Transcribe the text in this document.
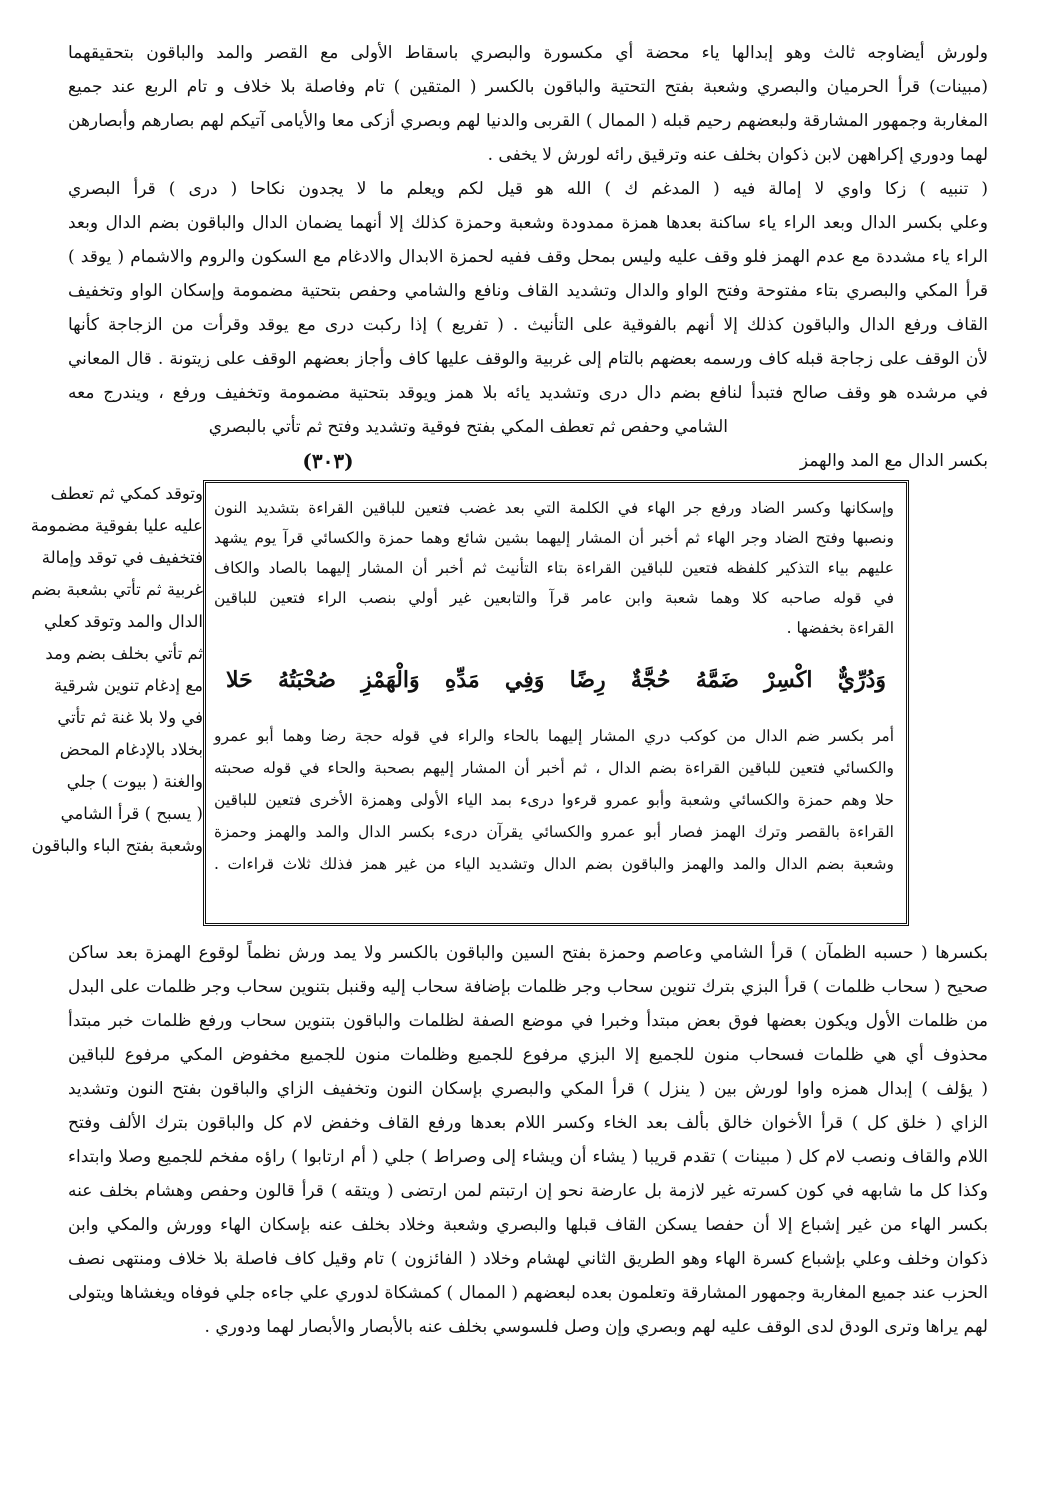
ولورش أيضاوجه ثالث وهو إبدالها ياء محضة أي مكسورة والبصري باسقاط الأولى مع القصر والمد والباقون بتحقيقهما
(مبينات) قرأ الحرميان والبصري وشعبة بفتح التحتية والباقون بالكسر ( المتقين ) تام وفاصلة بلا خلاف و تام الربع عند جميع
المغاربة وجمهور المشارقة ولبعضهم رحيم قبله ( الممال ) القربى والدنيا لهم وبصري أزكى معا والأيامى آتيكم لهم بصارهم وأبصارهن
لهما ودوري إكراههن لابن ذكوان بخلف عنه وترقيق رائه لورش لا يخفى .
( تنبيه ) زكا واوي لا إمالة فيه ( المدغم ك ) الله هو قيل لكم ويعلم ما لا يجدون نكاحا ( درى ) قرأ البصري
وعلي بكسر الدال وبعد الراء ياء ساكنة بعدها همزة ممدودة وشعبة وحمزة كذلك إلا أنهما يضمان الدال والباقون بضم الدال وبعد
الراء ياء مشددة مع عدم الهمز فلو وقف عليه وليس بمحل وقف ففيه لحمزة الابدال والادغام مع السكون والروم والاشمام ( يوقد )
قرأ المكي والبصري بتاء مفتوحة وفتح الواو والدال وتشديد القاف ونافع والشامي وحفص بتحتية مضمومة وإسكان الواو وتخفيف
القاف ورفع الدال والباقون كذلك إلا أنهم بالفوقية على التأنيث . ( تفريع ) إذا ركبت درى مع يوقد وقرأت من الزجاجة كأنها
لأن الوقف على زجاجة قبله كاف ورسمه بعضهم بالتام إلى غربية والوقف عليها كاف وأجاز بعضهم الوقف على زيتونة . قال المعاني
في مرشده هو وقف صالح فتبدأ لنافع بضم دال درى وتشديد يائه بلا همز ويوقد بتحتية مضمومة وتخفيف ورفع ، ويندرج معه
الشامي وحفص ثم تعطف المكي بفتح فوقية وتشديد وفتح ثم تأتي بالبصري
(٣٠٣)	بكسر الدال مع المد والهمز
وتوقد كمكي ثم تعطف
عليه عليا بفوقية مضمومة
فتخفيف في توقد وإمالة
غربية ثم تأتي بشعبة بضم
الدال والمد وتوقد كعلي
ثم تأتي بخلف بضم ومد
مع إدغام تنوين شرقية
في ولا بلا غنة ثم تأتي
بخلاد بالإدغام المحض
والغنة ( بيوت ) جلي
( يسبح ) قرأ الشامي
وشعبة بفتح الباء والباقون
وإسكانها وكسر الضاد ورفع جر الهاء في الكلمة التي بعد غضب فتعين للباقين القراءة بتشديد النون
ونصبها وفتح الضاد وجر الهاء ثم أخبر أن المشار إليهما بشين شائع وهما حمزة والكسائي قرآ يوم يشهد
عليهم بياء التذكير كلفظه فتعين للباقين القراءة بتاء التأنيث ثم أخبر أن المشار إليهما بالصاد والكاف
في قوله صاحبه كلا وهما شعبة وابن عامر قرآ والتابعين غير أولي بنصب الراء فتعين للباقين
القراءة بخفضها .
وَدُرِّيٌّ اكْسِرْ ضَمَّهُ حُجَّةٌ رِضًا وَفِي مَدِّهِ وَالْهَمْزِ صُحْبَتُهُ حَلا
أمر بكسر ضم الدال من كوكب دري المشار إليهما بالحاء والراء في قوله حجة رضا وهما أبو عمرو
والكسائي فتعين للباقين القراءة بضم الدال ، ثم أخبر أن المشار إليهم بصحبة والحاء في قوله صحبته
حلا وهم حمزة والكسائي وشعبة وأبو عمرو قرءوا درىء بمد الياء الأولى وهمزة الأخرى فتعين للباقين
القراءة بالقصر وترك الهمز فصار أبو عمرو والكسائي يقرآن درىء بكسر الدال والمد والهمز وحمزة
وشعبة بضم الدال والمد والهمز والباقون بضم الدال وتشديد الياء من غير همز فذلك ثلاث قراءات .
بكسرها ( حسبه الظمآن ) قرأ الشامي وعاصم وحمزة بفتح السين والباقون بالكسر ولا يمد ورش نظماً لوقوع الهمزة بعد ساكن
صحيح ( سحاب ظلمات ) قرأ البزي بترك تنوين سحاب وجر ظلمات بإضافة سحاب إليه وقنبل بتنوين سحاب وجر ظلمات على البدل
من ظلمات الأول ويكون بعضها فوق بعض مبتدأ وخبرا في موضع الصفة لظلمات والباقون بتنوين سحاب ورفع ظلمات خبر مبتدأ
محذوف أي هي ظلمات فسحاب منون للجميع إلا البزي مرفوع للجميع وظلمات منون للجميع مخفوض المكي مرفوع للباقين
( يؤلف ) إبدال همزه واوا لورش بين ( ينزل ) قرأ المكي والبصري بإسكان النون وتخفيف الزاي والباقون بفتح النون وتشديد
الزاي ( خلق كل ) قرأ الأخوان خالق بألف بعد الخاء وكسر اللام بعدها ورفع القاف وخفض لام كل والباقون بترك الألف وفتح
اللام والقاف ونصب لام كل ( مبينات ) تقدم قريبا ( يشاء أن ويشاء إلى وصراط ) جلي ( أم ارتابوا ) راؤه مفخم للجميع وصلا وابتداء
وكذا كل ما شابهه في كون كسرته غير لازمة بل عارضة نحو إن ارتبتم لمن ارتضى ( ويتقه ) قرأ قالون وحفص وهشام بخلف عنه
بكسر الهاء من غير إشباع إلا أن حفصا يسكن القاف قبلها والبصري وشعبة وخلاد بخلف عنه بإسكان الهاء وورش والمكي وابن
ذكوان وخلف وعلي بإشباع كسرة الهاء وهو الطريق الثاني لهشام وخلاد ( الفائزون ) تام وقيل كاف فاصلة بلا خلاف ومنتهى نصف
الحزب عند جميع المغاربة وجمهور المشارقة وتعلمون بعده لبعضهم ( الممال ) كمشكاة لدوري علي جاءه جلي فوفاه ويغشاها ويتولى
لهم يراها وترى الودق لدى الوقف عليه لهم وبصري وإن وصل فلسوسي بخلف عنه بالأبصار والأبصار لهما ودوري .
